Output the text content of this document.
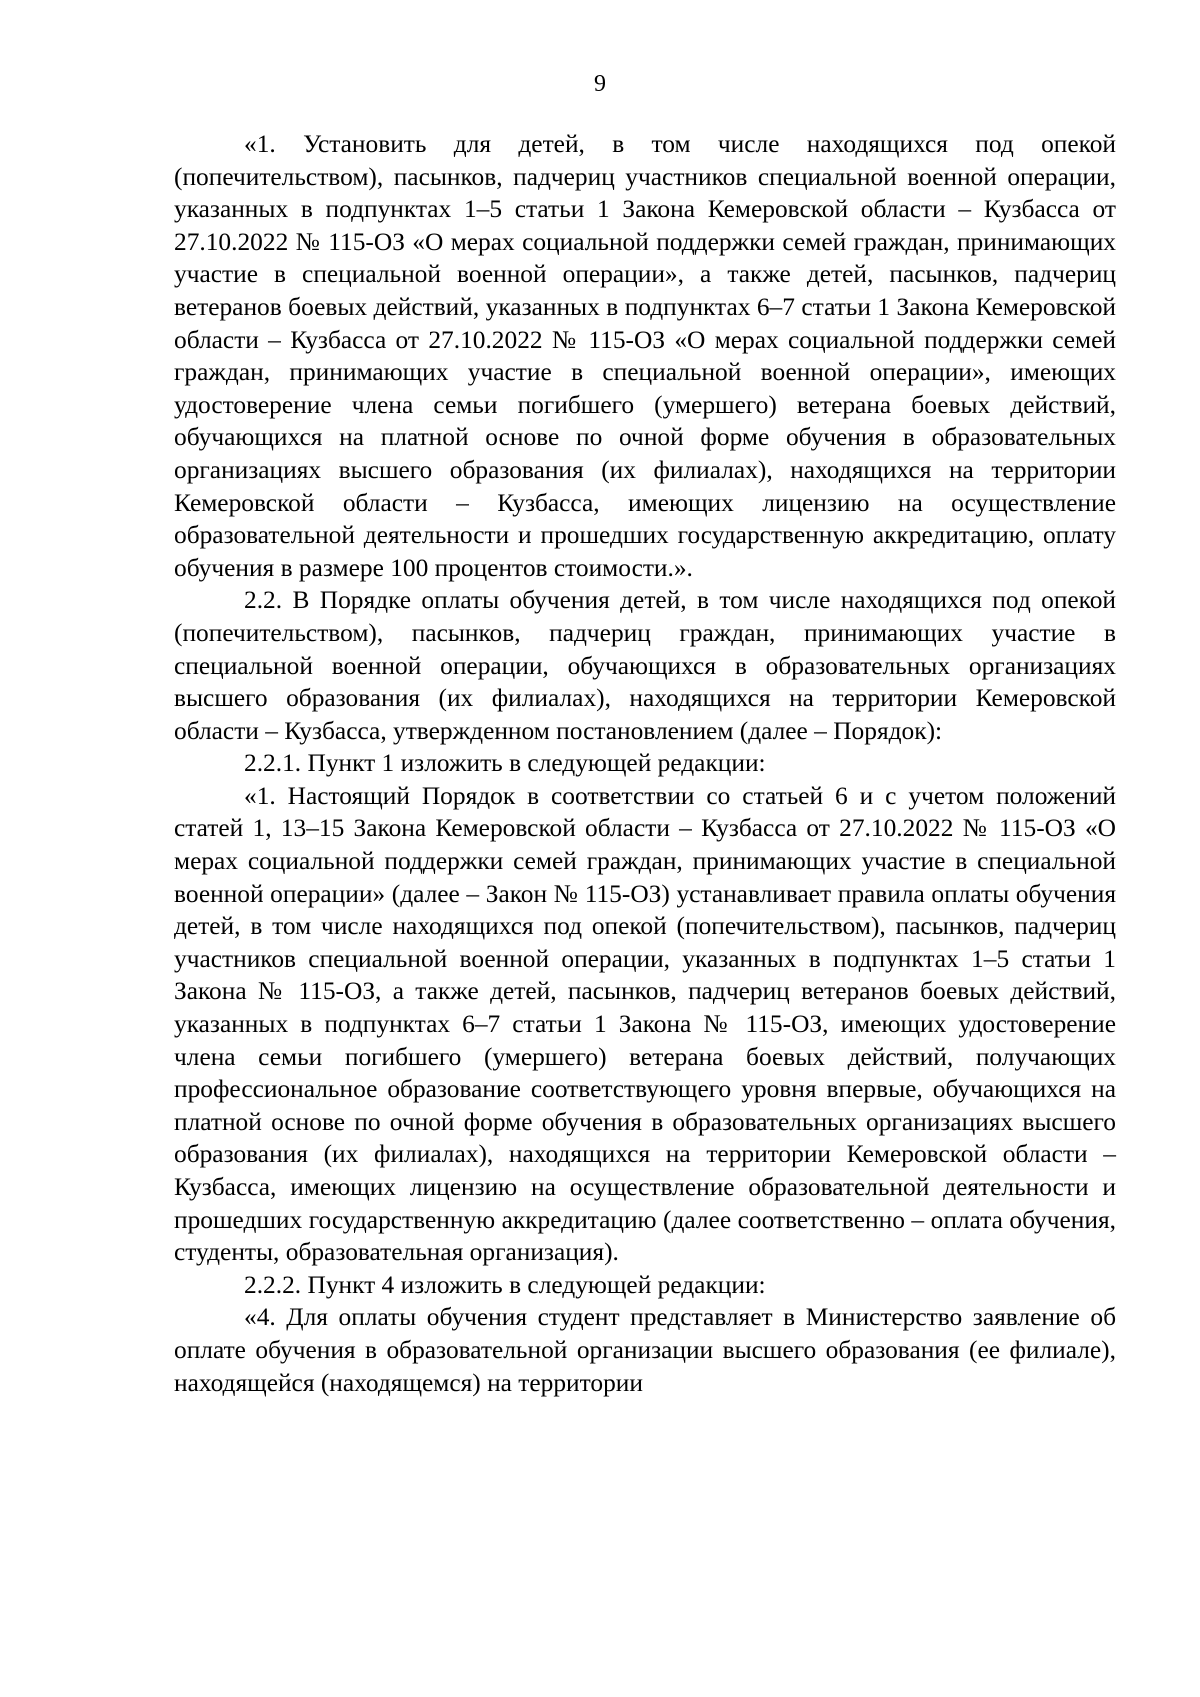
9

«1. Установить для детей, в том числе находящихся под опекой (попечительством), пасынков, падчериц участников специальной военной операции, указанных в подпунктах 1–5 статьи 1 Закона Кемеровской области – Кузбасса от 27.10.2022 № 115-ОЗ «О мерах социальной поддержки семей граждан, принимающих участие в специальной военной операции», а также детей, пасынков, падчериц ветеранов боевых действий, указанных в подпунктах 6–7 статьи 1 Закона Кемеровской области – Кузбасса от 27.10.2022 № 115-ОЗ «О мерах социальной поддержки семей граждан, принимающих участие в специальной военной операции», имеющих удостоверение члена семьи погибшего (умершего) ветерана боевых действий, обучающихся на платной основе по очной форме обучения в образовательных организациях высшего образования (их филиалах), находящихся на территории Кемеровской области – Кузбасса, имеющих лицензию на осуществление образовательной деятельности и прошедших государственную аккредитацию, оплату обучения в размере 100 процентов стоимости.».

2.2. В Порядке оплаты обучения детей, в том числе находящихся под опекой (попечительством), пасынков, падчериц граждан, принимающих участие в специальной военной операции, обучающихся в образовательных организациях высшего образования (их филиалах), находящихся на территории Кемеровской области – Кузбасса, утвержденном постановлением (далее – Порядок):

2.2.1. Пункт 1 изложить в следующей редакции:

«1. Настоящий Порядок в соответствии со статьей 6 и с учетом положений статей 1, 13–15 Закона Кемеровской области – Кузбасса от 27.10.2022 № 115-ОЗ «О мерах социальной поддержки семей граждан, принимающих участие в специальной военной операции» (далее – Закон № 115-ОЗ) устанавливает правила оплаты обучения детей, в том числе находящихся под опекой (попечительством), пасынков, падчериц участников специальной военной операции, указанных в подпунктах 1–5 статьи 1 Закона № 115-ОЗ, а также детей, пасынков, падчериц ветеранов боевых действий, указанных в подпунктах 6–7 статьи 1 Закона № 115-ОЗ, имеющих удостоверение члена семьи погибшего (умершего) ветерана боевых действий, получающих профессиональное образование соответствующего уровня впервые, обучающихся на платной основе по очной форме обучения в образовательных организациях высшего образования (их филиалах), находящихся на территории Кемеровской области – Кузбасса, имеющих лицензию на осуществление образовательной деятельности и прошедших государственную аккредитацию (далее соответственно – оплата обучения, студенты, образовательная организация).

2.2.2. Пункт 4 изложить в следующей редакции:

«4. Для оплаты обучения студент представляет в Министерство заявление об оплате обучения в образовательной организации высшего образования (ее филиале), находящейся (находящемся) на территории
